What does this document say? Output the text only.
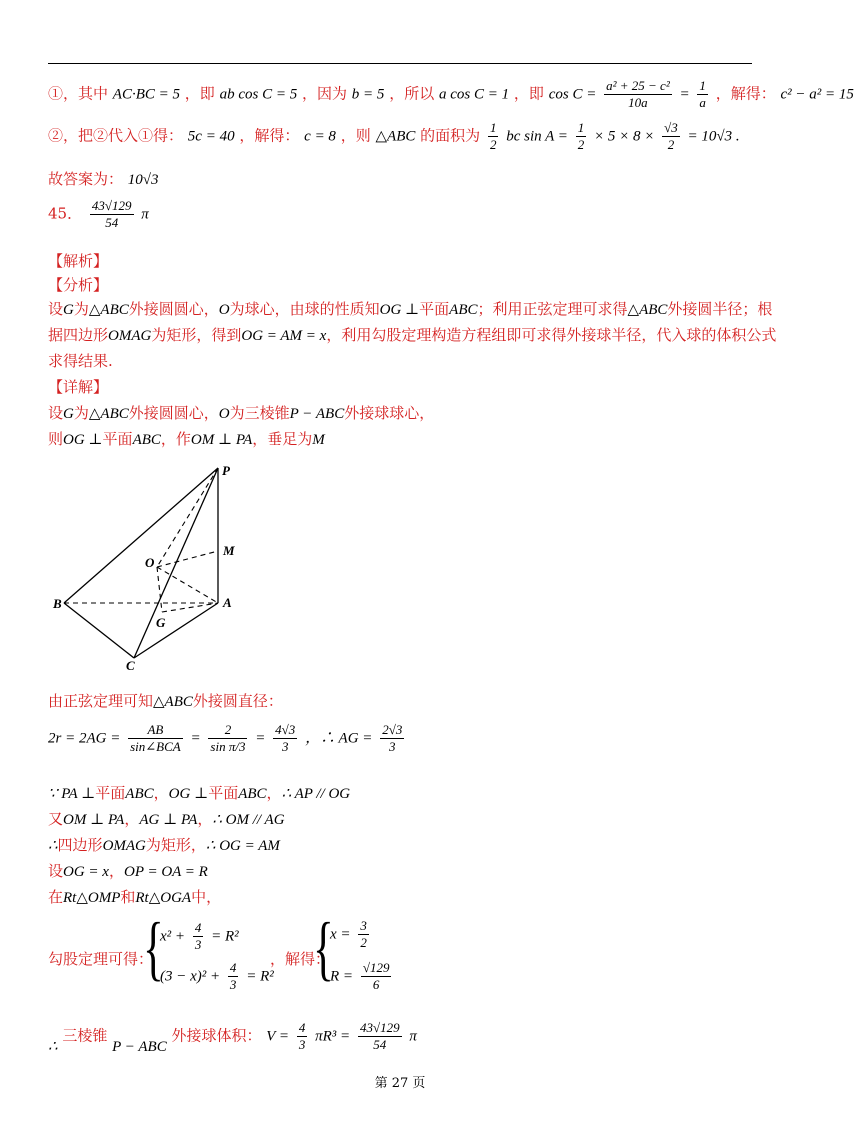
①，其中 AC·BC = 5 ，即 ab cos C = 5 ，因为 b = 5 ，所以 a cos C = 1 ，即 $\cos C = \frac{\text{a² + 25 − c²}}{10a} = \frac{1}{a}$ ，解得： c² − a² = 15
②，把②代入①得： 5c = 40 ，解得： c = 8 ，则 △ABC 的面积为 $\frac{1}{2}$ bc $\sin A = \frac{1}{2} \times 5 \times 8 \times \frac{√3}{2} = 10√3$ .
故答案为： 10√3
45． $\frac{43√129}{54}$ π
【解析】
【分析】
设G为△ABC外接圆圆心，O为球心，由球的性质知OG ⊥平面ABC；利用正弦定理可求得△ABC外接圆半径；根
据四边形OMAG为矩形，得到OG = AM = x，利用勾股定理构造方程组即可求得外接球半径，代入球的体积公式
求得结果.
【详解】
设G为△ABC外接圆圆心，O为三棱锥P − ABC外接球球心，
则OG ⊥平面ABC，作OM ⊥ PA，垂足为M
P
M
O
B	A
G
C
由正弦定理可知△ABC外接圆直径：
$2r = 2AG = \frac{AB}{\text{sin∠BCA}} = \frac{2}{\text{sin π/3}} = \frac{4√3}{3}$ ，∴ AG = $\frac{2√3}{3}$
∵ PA ⊥平面ABC，OG ⊥平面ABC，∴ AP // OG
又OM ⊥ PA，AG ⊥ PA，∴ OM // AG
∴四边形OMAG为矩形，∴ OG = AM
设OG = x，OP = OA = R
在Rt△OMP和Rt△OGA中，
勾股定理可得：
{
$x^2 + \frac{4}{3} = R^2$
$(3 - x)^2 + \frac{4}{3} = R^2$
，解得：
{
$x = \frac{3}{2}$
$R = \frac{√129}{6}$
∴ 三棱锥 P − ABC 外接球体积： $V = \frac{4}{3} \pi R^3 = \frac{43√129}{54}$ π
第 27 页
